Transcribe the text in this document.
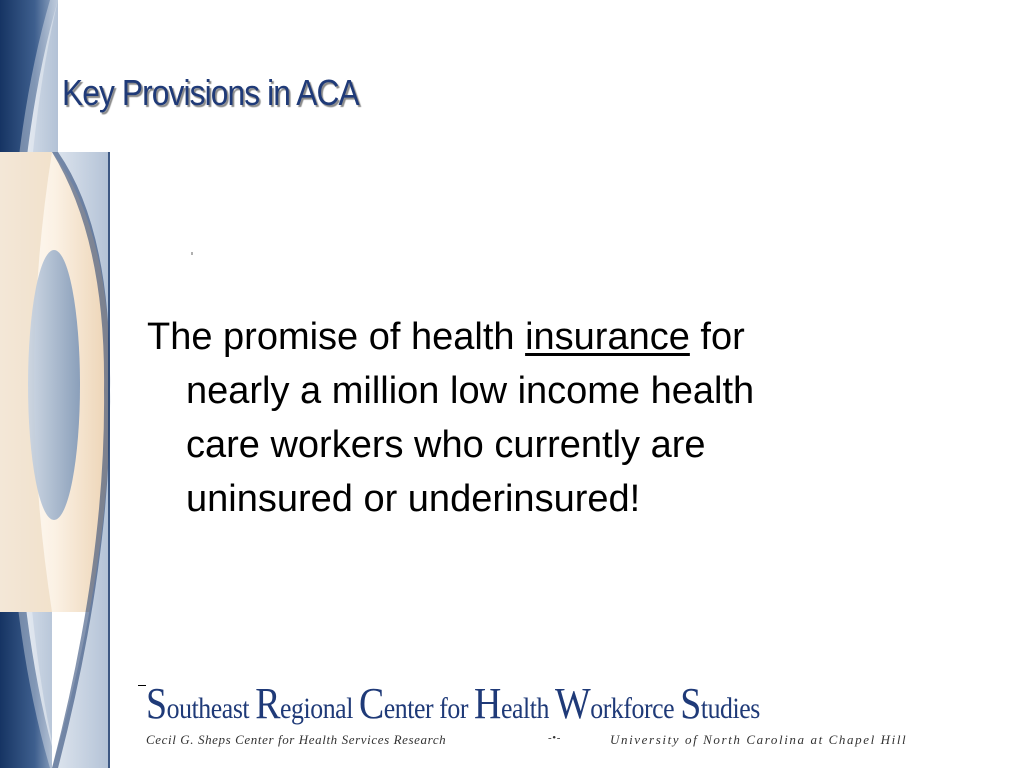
Key Provisions in ACA
The promise of health insurance for
nearly a million low income health
care workers who currently are
uninsured or underinsured!
Southeast Regional Center for Health Workforce Studies
Cecil G. Sheps Center for Health Services Research	-•-	University of North Carolina at Chapel Hill
